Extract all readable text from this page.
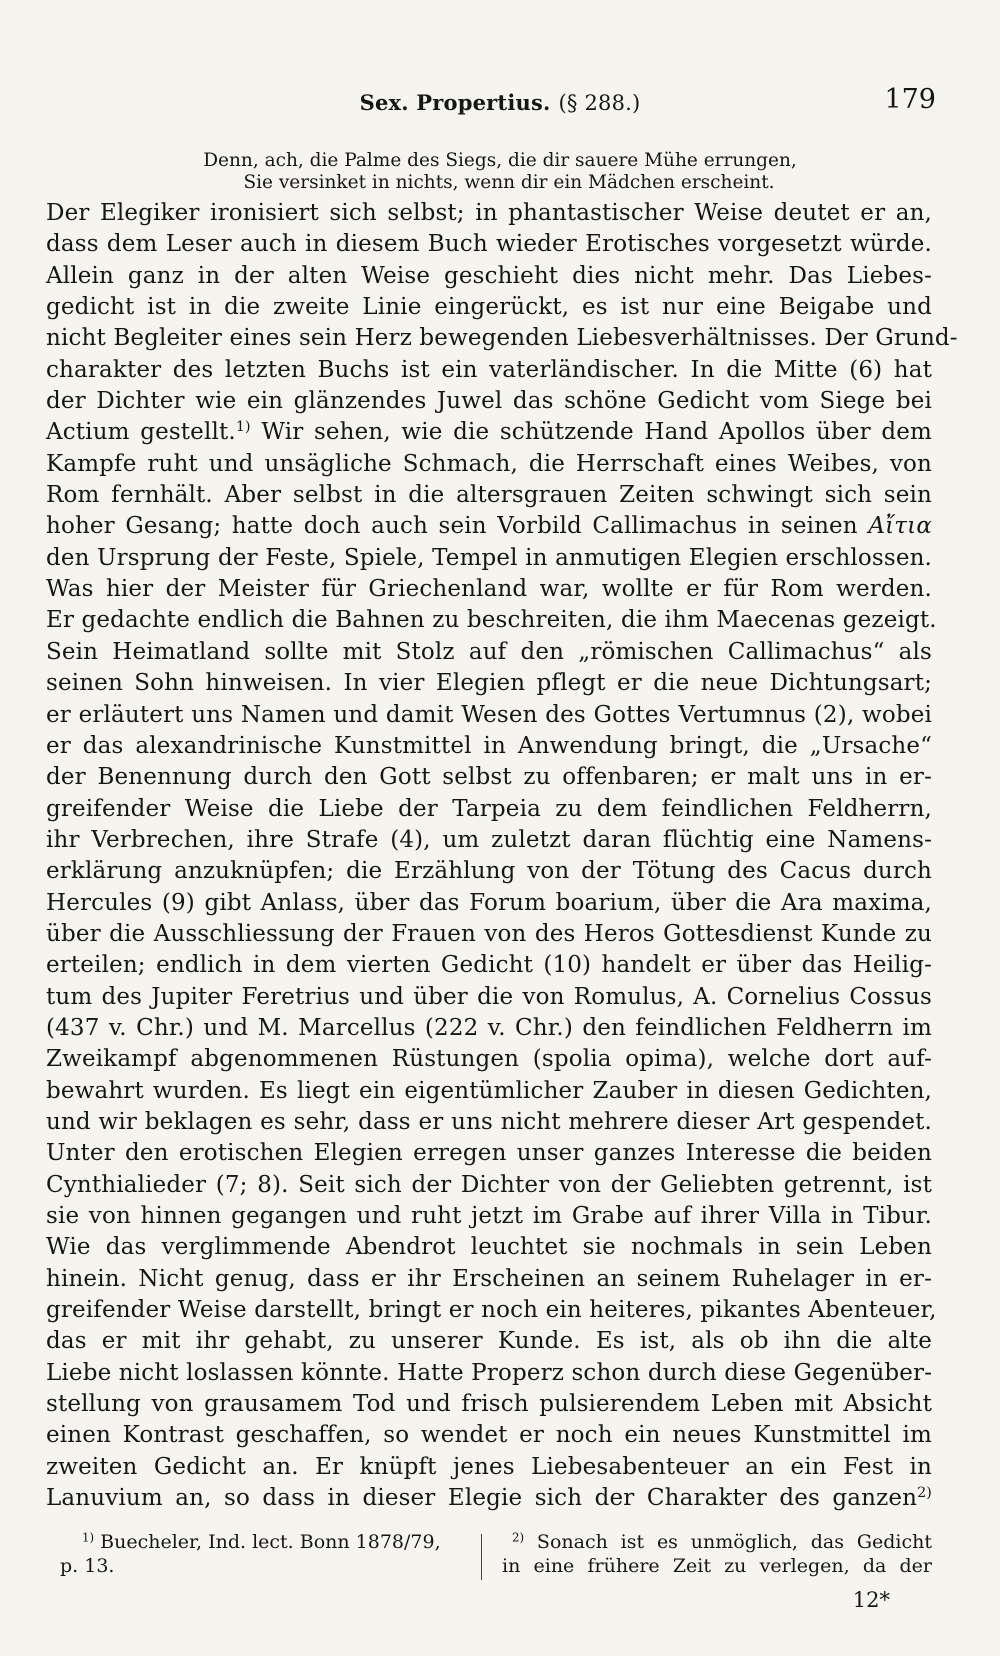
Sex. Propertius. (§ 288.)	179
Denn, ach, die Palme des Siegs, die dir sauere Mühe errungen,
Sie versinket in nichts, wenn dir ein Mädchen erscheint.
Der Elegiker ironisiert sich selbst; in phantastischer Weise deutet er an,
dass dem Leser auch in diesem Buch wieder Erotisches vorgesetzt würde.
Allein ganz in der alten Weise geschieht dies nicht mehr. Das Liebes-
gedicht ist in die zweite Linie eingerückt, es ist nur eine Beigabe und
nicht Begleiter eines sein Herz bewegenden Liebesverhältnisses. Der Grund-
charakter des letzten Buchs ist ein vaterländischer. In die Mitte (6) hat
der Dichter wie ein glänzendes Juwel das schöne Gedicht vom Siege bei
Actium gestellt.$^{1)}$ Wir sehen, wie die schützende Hand Apollos über dem
Kampfe ruht und unsägliche Schmach, die Herrschaft eines Weibes, von
Rom fernhält. Aber selbst in die altersgrauen Zeiten schwingt sich sein
hoher Gesang; hatte doch auch sein Vorbild Callimachus in seinen Αἴτια
den Ursprung der Feste, Spiele, Tempel in anmutigen Elegien erschlossen.
Was hier der Meister für Griechenland war, wollte er für Rom werden.
Er gedachte endlich die Bahnen zu beschreiten, die ihm Maecenas gezeigt.
Sein Heimatland sollte mit Stolz auf den „römischen Callimachus“ als
seinen Sohn hinweisen. In vier Elegien pflegt er die neue Dichtungsart;
er erläutert uns Namen und damit Wesen des Gottes Vertumnus (2), wobei
er das alexandrinische Kunstmittel in Anwendung bringt, die „Ursache“
der Benennung durch den Gott selbst zu offenbaren; er malt uns in er-
greifender Weise die Liebe der Tarpeia zu dem feindlichen Feldherrn,
ihr Verbrechen, ihre Strafe (4), um zuletzt daran flüchtig eine Namens-
erklärung anzuknüpfen; die Erzählung von der Tötung des Cacus durch
Hercules (9) gibt Anlass, über das Forum boarium, über die Ara maxima,
über die Ausschliessung der Frauen von des Heros Gottesdienst Kunde zu
erteilen; endlich in dem vierten Gedicht (10) handelt er über das Heilig-
tum des Jupiter Feretrius und über die von Romulus, A. Cornelius Cossus
(437 v. Chr.) und M. Marcellus (222 v. Chr.) den feindlichen Feldherrn im
Zweikampf abgenommenen Rüstungen (spolia opima), welche dort auf-
bewahrt wurden. Es liegt ein eigentümlicher Zauber in diesen Gedichten,
und wir beklagen es sehr, dass er uns nicht mehrere dieser Art gespendet.
Unter den erotischen Elegien erregen unser ganzes Interesse die beiden
Cynthialieder (7; 8). Seit sich der Dichter von der Geliebten getrennt, ist
sie von hinnen gegangen und ruht jetzt im Grabe auf ihrer Villa in Tibur.
Wie das verglimmende Abendrot leuchtet sie nochmals in sein Leben
hinein. Nicht genug, dass er ihr Erscheinen an seinem Ruhelager in er-
greifender Weise darstellt, bringt er noch ein heiteres, pikantes Abenteuer,
das er mit ihr gehabt, zu unserer Kunde. Es ist, als ob ihn die alte
Liebe nicht loslassen könnte. Hatte Properz schon durch diese Gegenüber-
stellung von grausamem Tod und frisch pulsierendem Leben mit Absicht
einen Kontrast geschaffen, so wendet er noch ein neues Kunstmittel im
zweiten Gedicht an. Er knüpft jenes Liebesabenteuer an ein Fest in
Lanuvium an, so dass in dieser Elegie sich der Charakter des ganzen$^{2)}$
$^{1)}$ Buecheler, Ind. lect. Bonn 1878/79,
p. 13.
$^{2)}$ Sonach ist es unmöglich, das Gedicht
in eine frühere Zeit zu verlegen, da der
12*
